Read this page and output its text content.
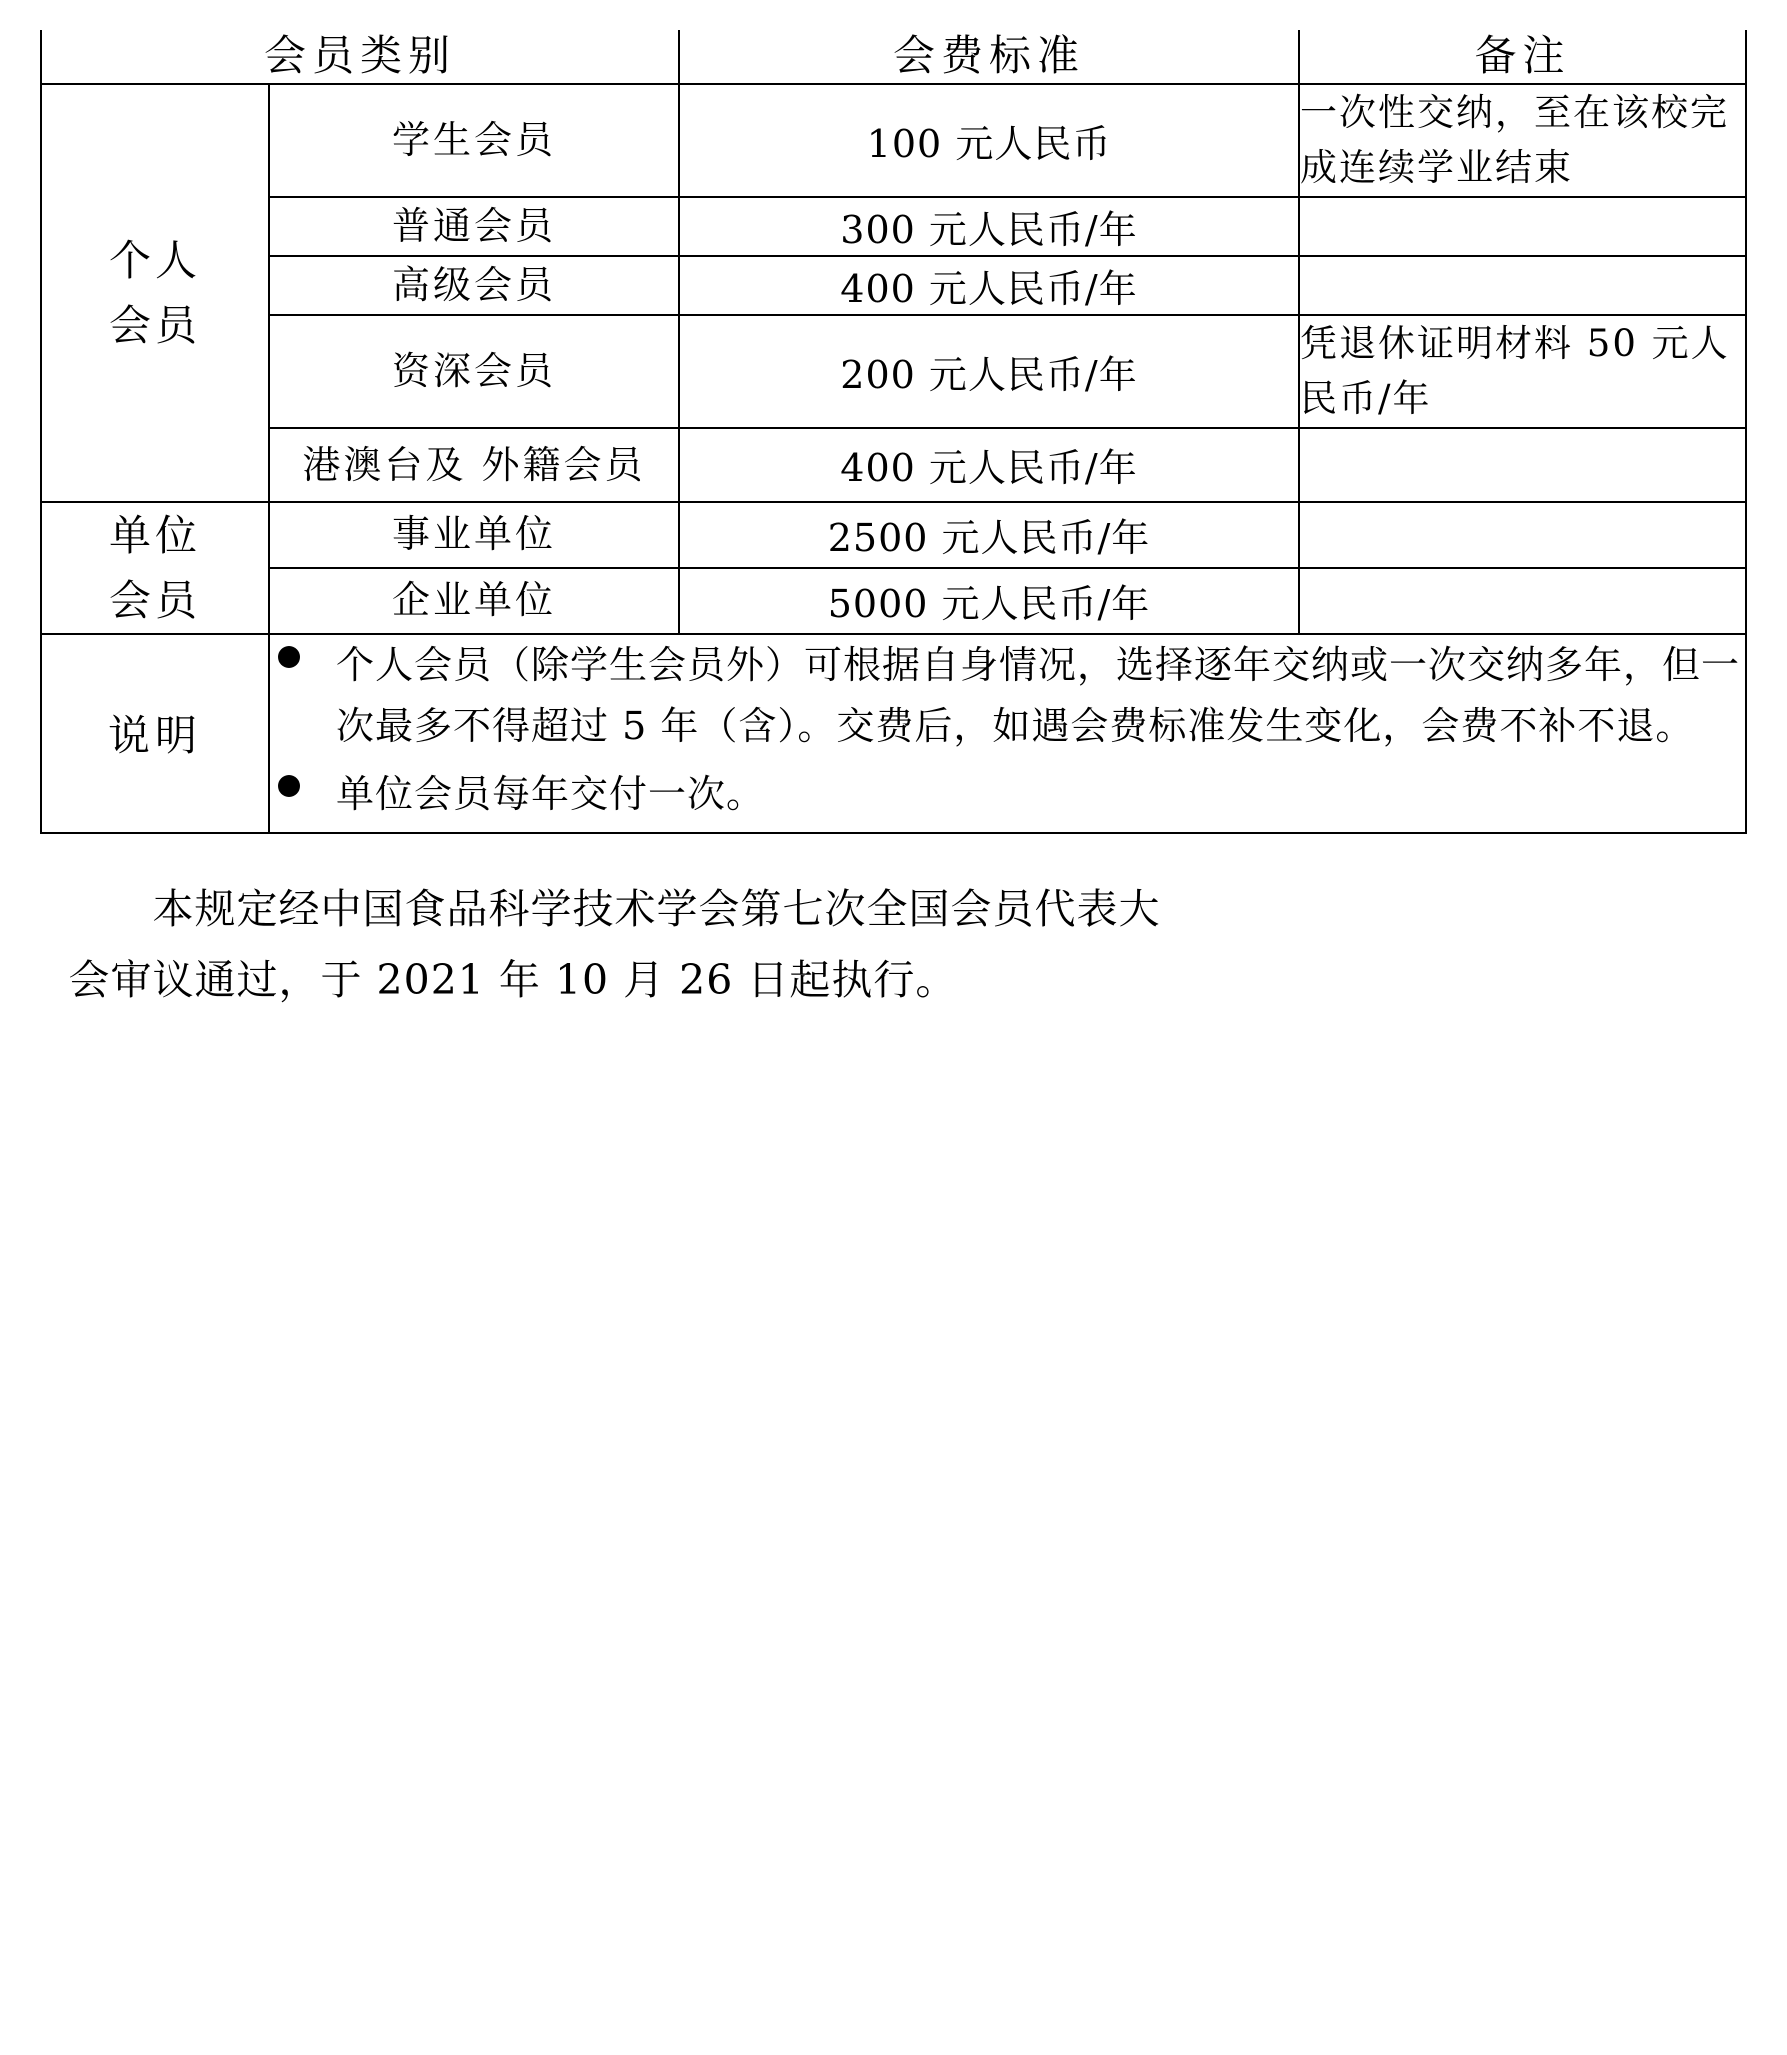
会员类别		会费标准	备注

个人
会员	学生会员	100 元人民币	一次性交纳，至在该校完成连续学业结束
	普通会员	300 元人民币/年	
	高级会员	400 元人民币/年	
	资深会员	200 元人民币/年	凭退休证明材料 50 元人民币/年
	港澳台及 外籍会员	400 元人民币/年	

单位
会员	事业单位	2500 元人民币/年	
	企业单位	5000 元人民币/年	
说明	
个人会员（除学生会员外）可根据自身情况，选择逐年交纳或一次交纳多年，但一次最多不得超过 5 年（含）。交费后，如遇会费标准发生变化，会费不补不退。
单位会员每年交付一次。

本规定经中国食品科学技术学会第七次全国会员代表大

会审议通过，于 2021 年 10 月 26 日起执行。
